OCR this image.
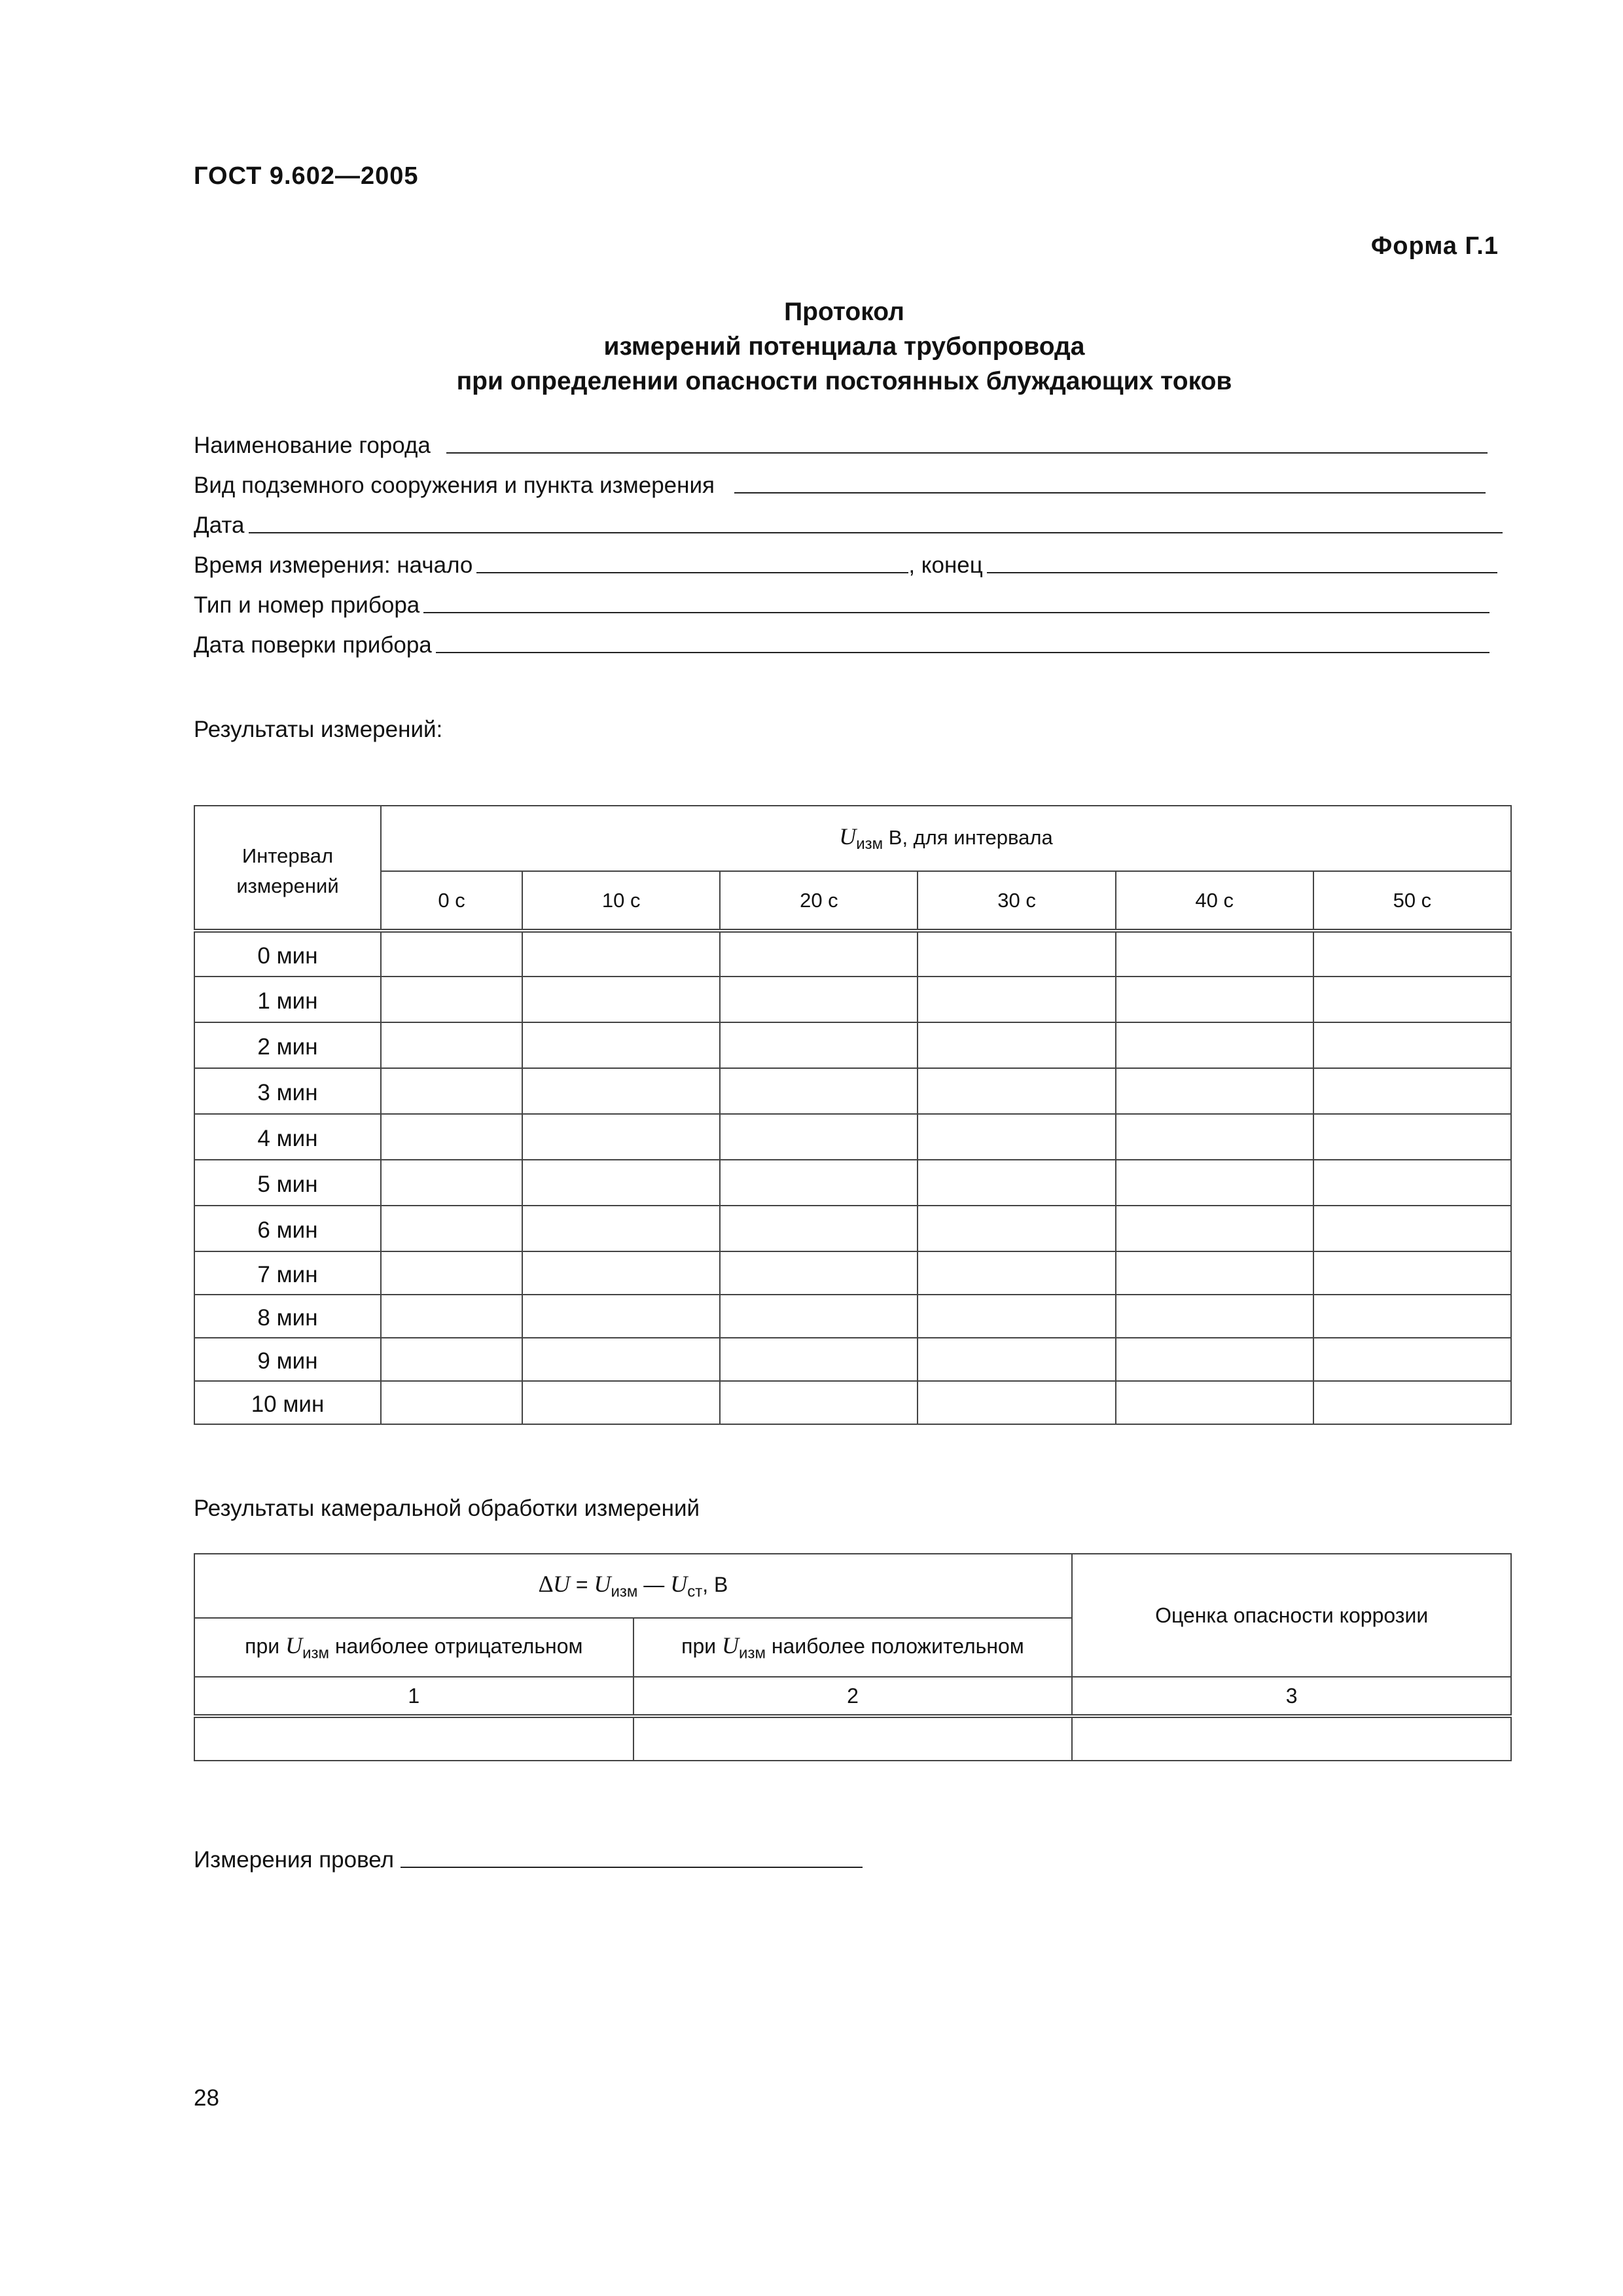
ГОСТ 9.602—2005
Форма Г.1
Протокол
измерений потенциала трубопровода
при определении опасности постоянных блуждающих токов
Наименование города
Вид подземного сооружения и пункта измерения
Дата
Время измерения: начало	, конец
Тип и номер прибора
Дата поверки прибора
Результаты измерений:
Интервал измерений	$U_{изм}$ В, для интервала					
	0 с	10 с	20 с	30 с	40 с	50 с
0 мин						
1 мин						
2 мин						
3 мин						
4 мин						
5 мин						
6 мин						
7 мин						
8 мин						
9 мин						
10 мин						
Результаты камеральной обработки измерений
$\Delta U = U_{изм}$ — $U_{ст}$, В		Оценка опасности коррозии
при $U_{изм}$ наиболее отрицательном	при $U_{изм}$ наиболее положительном	
1	2	3

Измерения провел
28
